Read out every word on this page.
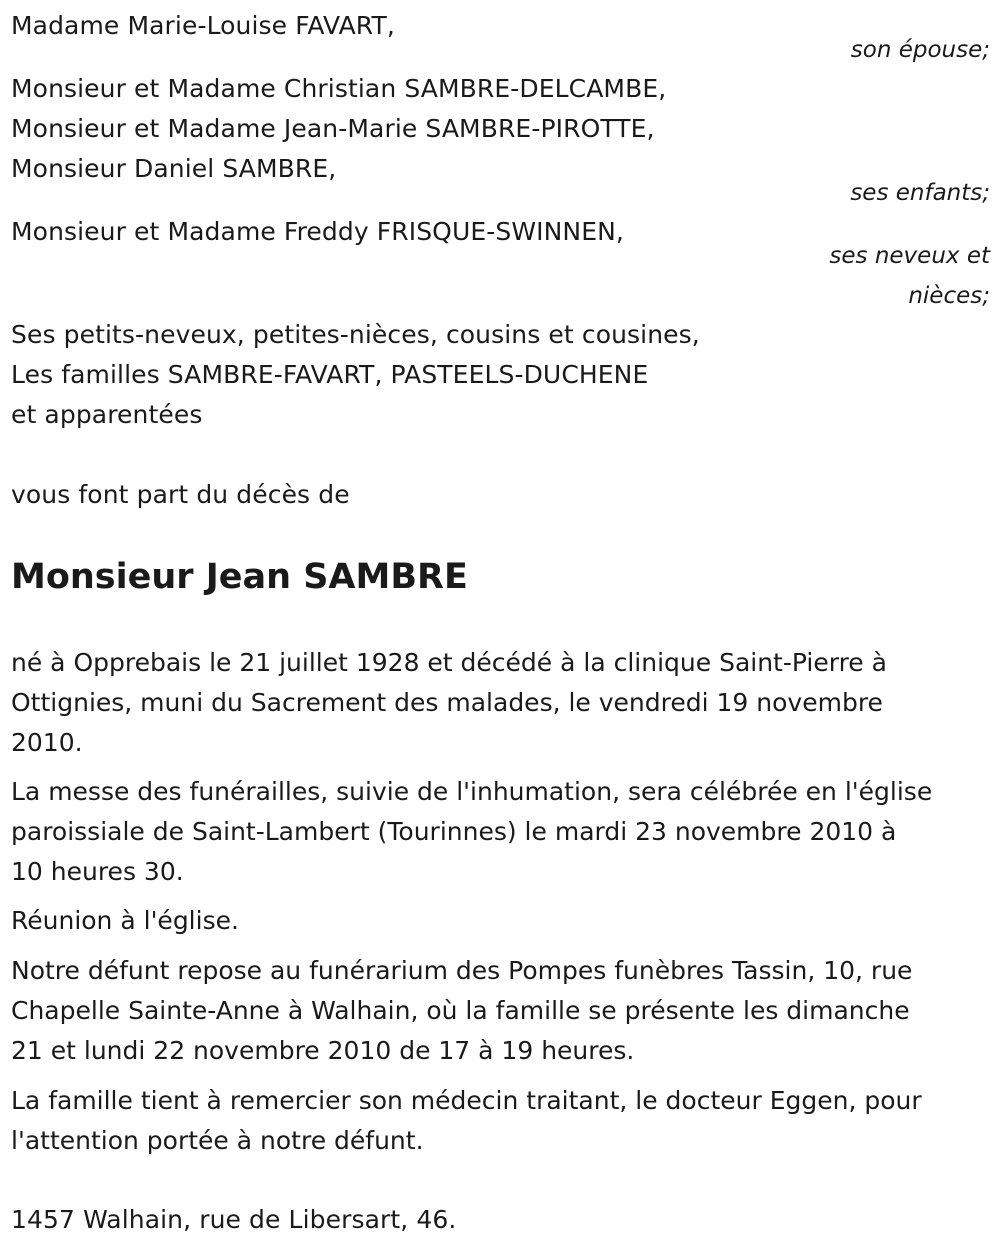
Madame Marie-Louise FAVART,
son épouse;
Monsieur et Madame Christian SAMBRE-DELCAMBE,
Monsieur et Madame Jean-Marie SAMBRE-PIROTTE,
Monsieur Daniel SAMBRE,
ses enfants;
Monsieur et Madame Freddy FRISQUE-SWINNEN,
ses neveux et
nièces;
Ses petits-neveux, petites-nièces, cousins et cousines,
Les familles SAMBRE-FAVART, PASTEELS-DUCHENE
et apparentées
vous font part du décès de
Monsieur Jean SAMBRE
né à Opprebais le 21 juillet 1928 et décédé à la clinique Saint-Pierre à
Ottignies, muni du Sacrement des malades, le vendredi 19 novembre
2010.
La messe des funérailles, suivie de l'inhumation, sera célébrée en l'église
paroissiale de Saint-Lambert (Tourinnes) le mardi 23 novembre 2010 à
10 heures 30.
Réunion à l'église.
Notre défunt repose au funérarium des Pompes funèbres Tassin, 10, rue
Chapelle Sainte-Anne à Walhain, où la famille se présente les dimanche
21 et lundi 22 novembre 2010 de 17 à 19 heures.
La famille tient à remercier son médecin traitant, le docteur Eggen, pour
l'attention portée à notre défunt.
1457 Walhain, rue de Libersart, 46.
